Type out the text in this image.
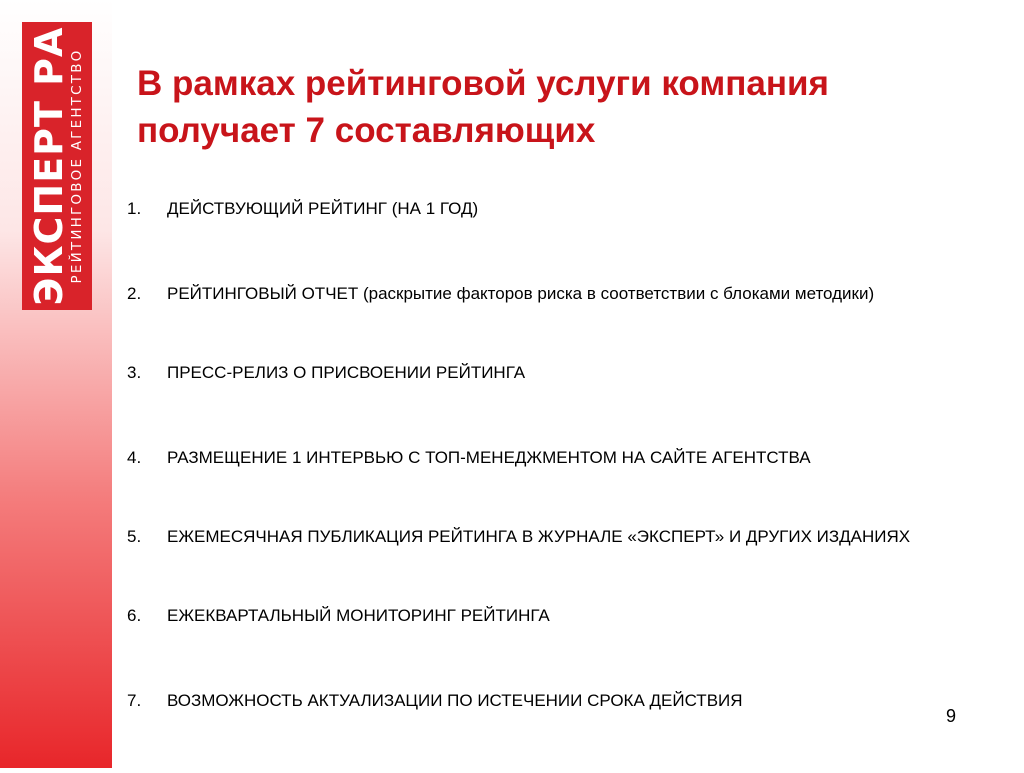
ЭКСПЕРТ РА
РЕЙТИНГОВОЕ АГЕНТСТВО В рамках рейтинговой услуги компания получает 7 составляющих
1. ДЕЙСТВУЮЩИЙ РЕЙТИНГ (НА 1 ГОД)
2. РЕЙТИНГОВЫЙ ОТЧЕТ (раскрытие факторов риска в соответствии с блоками методики)
3. ПРЕСС-РЕЛИЗ О ПРИСВОЕНИИ РЕЙТИНГА
4. РАЗМЕЩЕНИЕ 1 ИНТЕРВЬЮ С ТОП-МЕНЕДЖМЕНТОМ НА САЙТЕ АГЕНТСТВА
5. ЕЖЕМЕСЯЧНАЯ ПУБЛИКАЦИЯ РЕЙТИНГА В ЖУРНАЛЕ «ЭКСПЕРТ» И ДРУГИХ ИЗДАНИЯХ
6. ЕЖЕКВАРТАЛЬНЫЙ МОНИТОРИНГ РЕЙТИНГА
7. ВОЗМОЖНОСТЬ АКТУАЛИЗАЦИИ ПО ИСТЕЧЕНИИ СРОКА ДЕЙСТВИЯ
9
